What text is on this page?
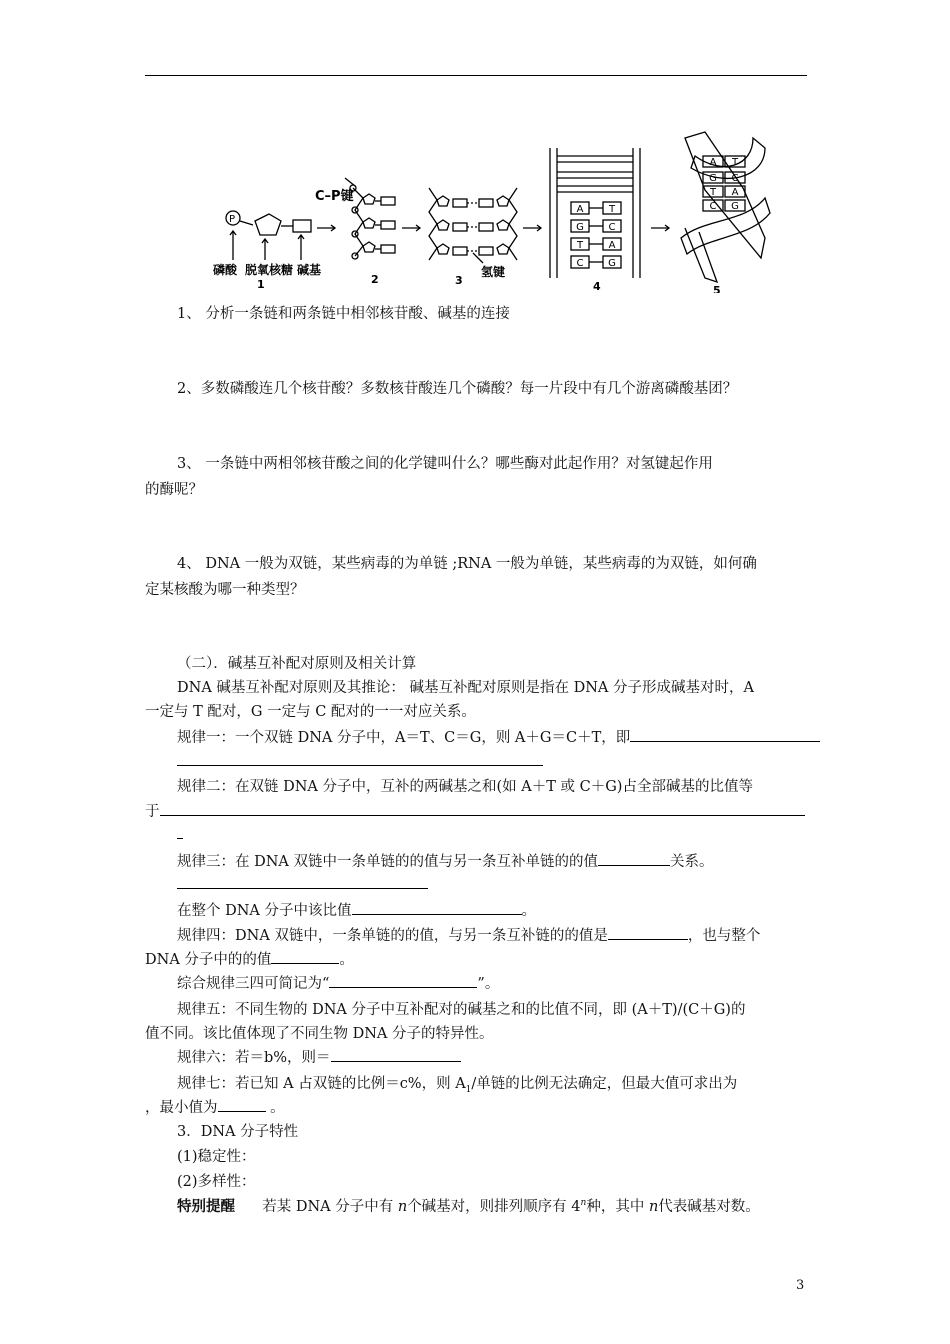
C–P键
P
磷酸 脱氧核糖 碱基	氢键
1	2	3	4	5
A	T
G C
T	A
C G
A T
G C
T A
C G
1、 分析一条链和两条链中相邻核苷酸、碱基的连接
2、多数磷酸连几个核苷酸？多数核苷酸连几个磷酸？每一片段中有几个游离磷酸基团？
3、 一条链中两相邻核苷酸之间的化学键叫什么？哪些酶对此起作用？对氢键起作用
的酶呢？
4、 DNA 一般为双链，某些病毒的为单链 ;RNA 一般为单链，某些病毒的为双链，如何确
定某核酸为哪一种类型？
（二）．碱基互补配对原则及相关计算
DNA 碱基互补配对原则及其推论： 碱基互补配对原则是指在 DNA 分子形成碱基对时，A
一定与 T 配对，G 一定与 C 配对的一一对应关系。
规律一：一个双链 DNA 分子中，A＝T、C＝G，则 A＋G＝C＋T，即
规律二：在双链 DNA 分子中，互补的两碱基之和(如 A＋T 或 C＋G)占全部碱基的比值等
于
规律三：在 DNA 双链中一条单链的的值与另一条互补单链的的值	关系。
在整个 DNA 分子中该比值	。
规律四：DNA 双链中，一条单链的的值，与另一条互补链的的值是	，也与整个
DNA 分子中的的值	。
综合规律三四可简记为“	”。
规律五：不同生物的 DNA 分子中互补配对的碱基之和的比值不同，即 (A＋T)/(C＋G)的
值不同。该比值体现了不同生物 DNA 分子的特异性。
规律六：若＝b%，则＝
规律七：若已知 A 占双链的比例＝c%，则 $A_1/$单链的比例无法确定，但最大值可求出为
，最小值为	。
3．DNA 分子特性
(1)稳定性：
(2)多样性：
特别提醒 若某 DNA 分子中有 n个碱基对，则排列顺序有 4$^n$种，其中 n代表碱基对数。
3
